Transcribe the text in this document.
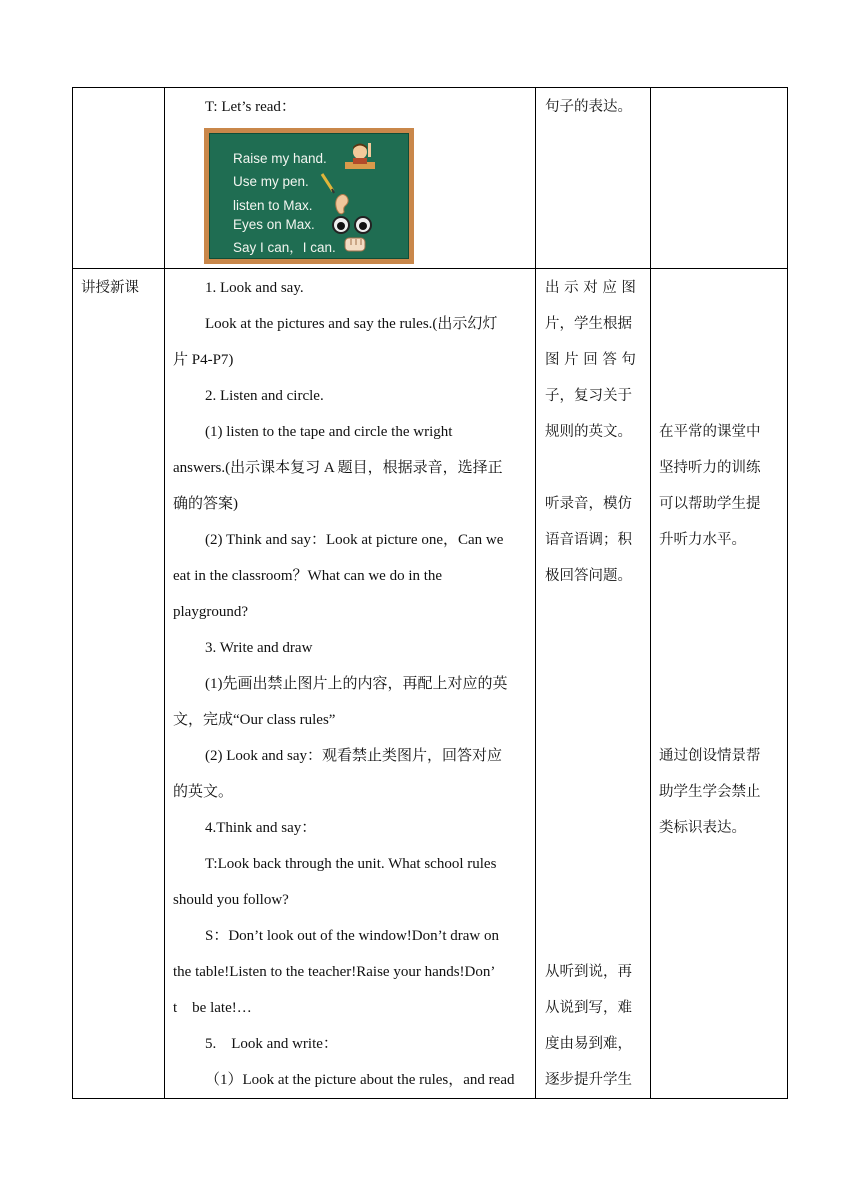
T: Let’s read：	句子的表达。
Raise my hand.
Use my pen.
listen to Max.
Eyes on Max.
Say I can，I can.
讲授新课	1. Look and say.
Look at the pictures and say the rules.(出示幻灯
片 P4-P7)
2. Listen and circle.
(1) listen to the tape and circle the wright
answers.(出示课本复习 A 题目，根据录音，选择正
确的答案)
(2) Think and say：Look at picture one，Can we
eat in the classroom？What can we do in the
playground?
3. Write and draw
(1)先画出禁止图片上的内容，再配上对应的英
文，完成“Our class rules”
(2) Look and say：观看禁止类图片，回答对应
的英文。
4.Think and say：
T:Look back through the unit. What school rules
should you follow?
S：Don’t look out of the window!Don’t draw on
the table!Listen to the teacher!Raise your hands!Don’
t    be late!…
5.    Look and write：
（1）Look at the picture about the rules，and read
出 示 对 应 图
片，学生根据
图 片 回 答 句
子，复习关于
规则的英文。
听录音，模仿
语音语调；积
极回答问题。
从听到说，再
从说到写，难
度由易到难，
逐步提升学生
在平常的课堂中
坚持听力的训练
可以帮助学生提
升听力水平。
通过创设情景帮
助学生学会禁止
类标识表达。
